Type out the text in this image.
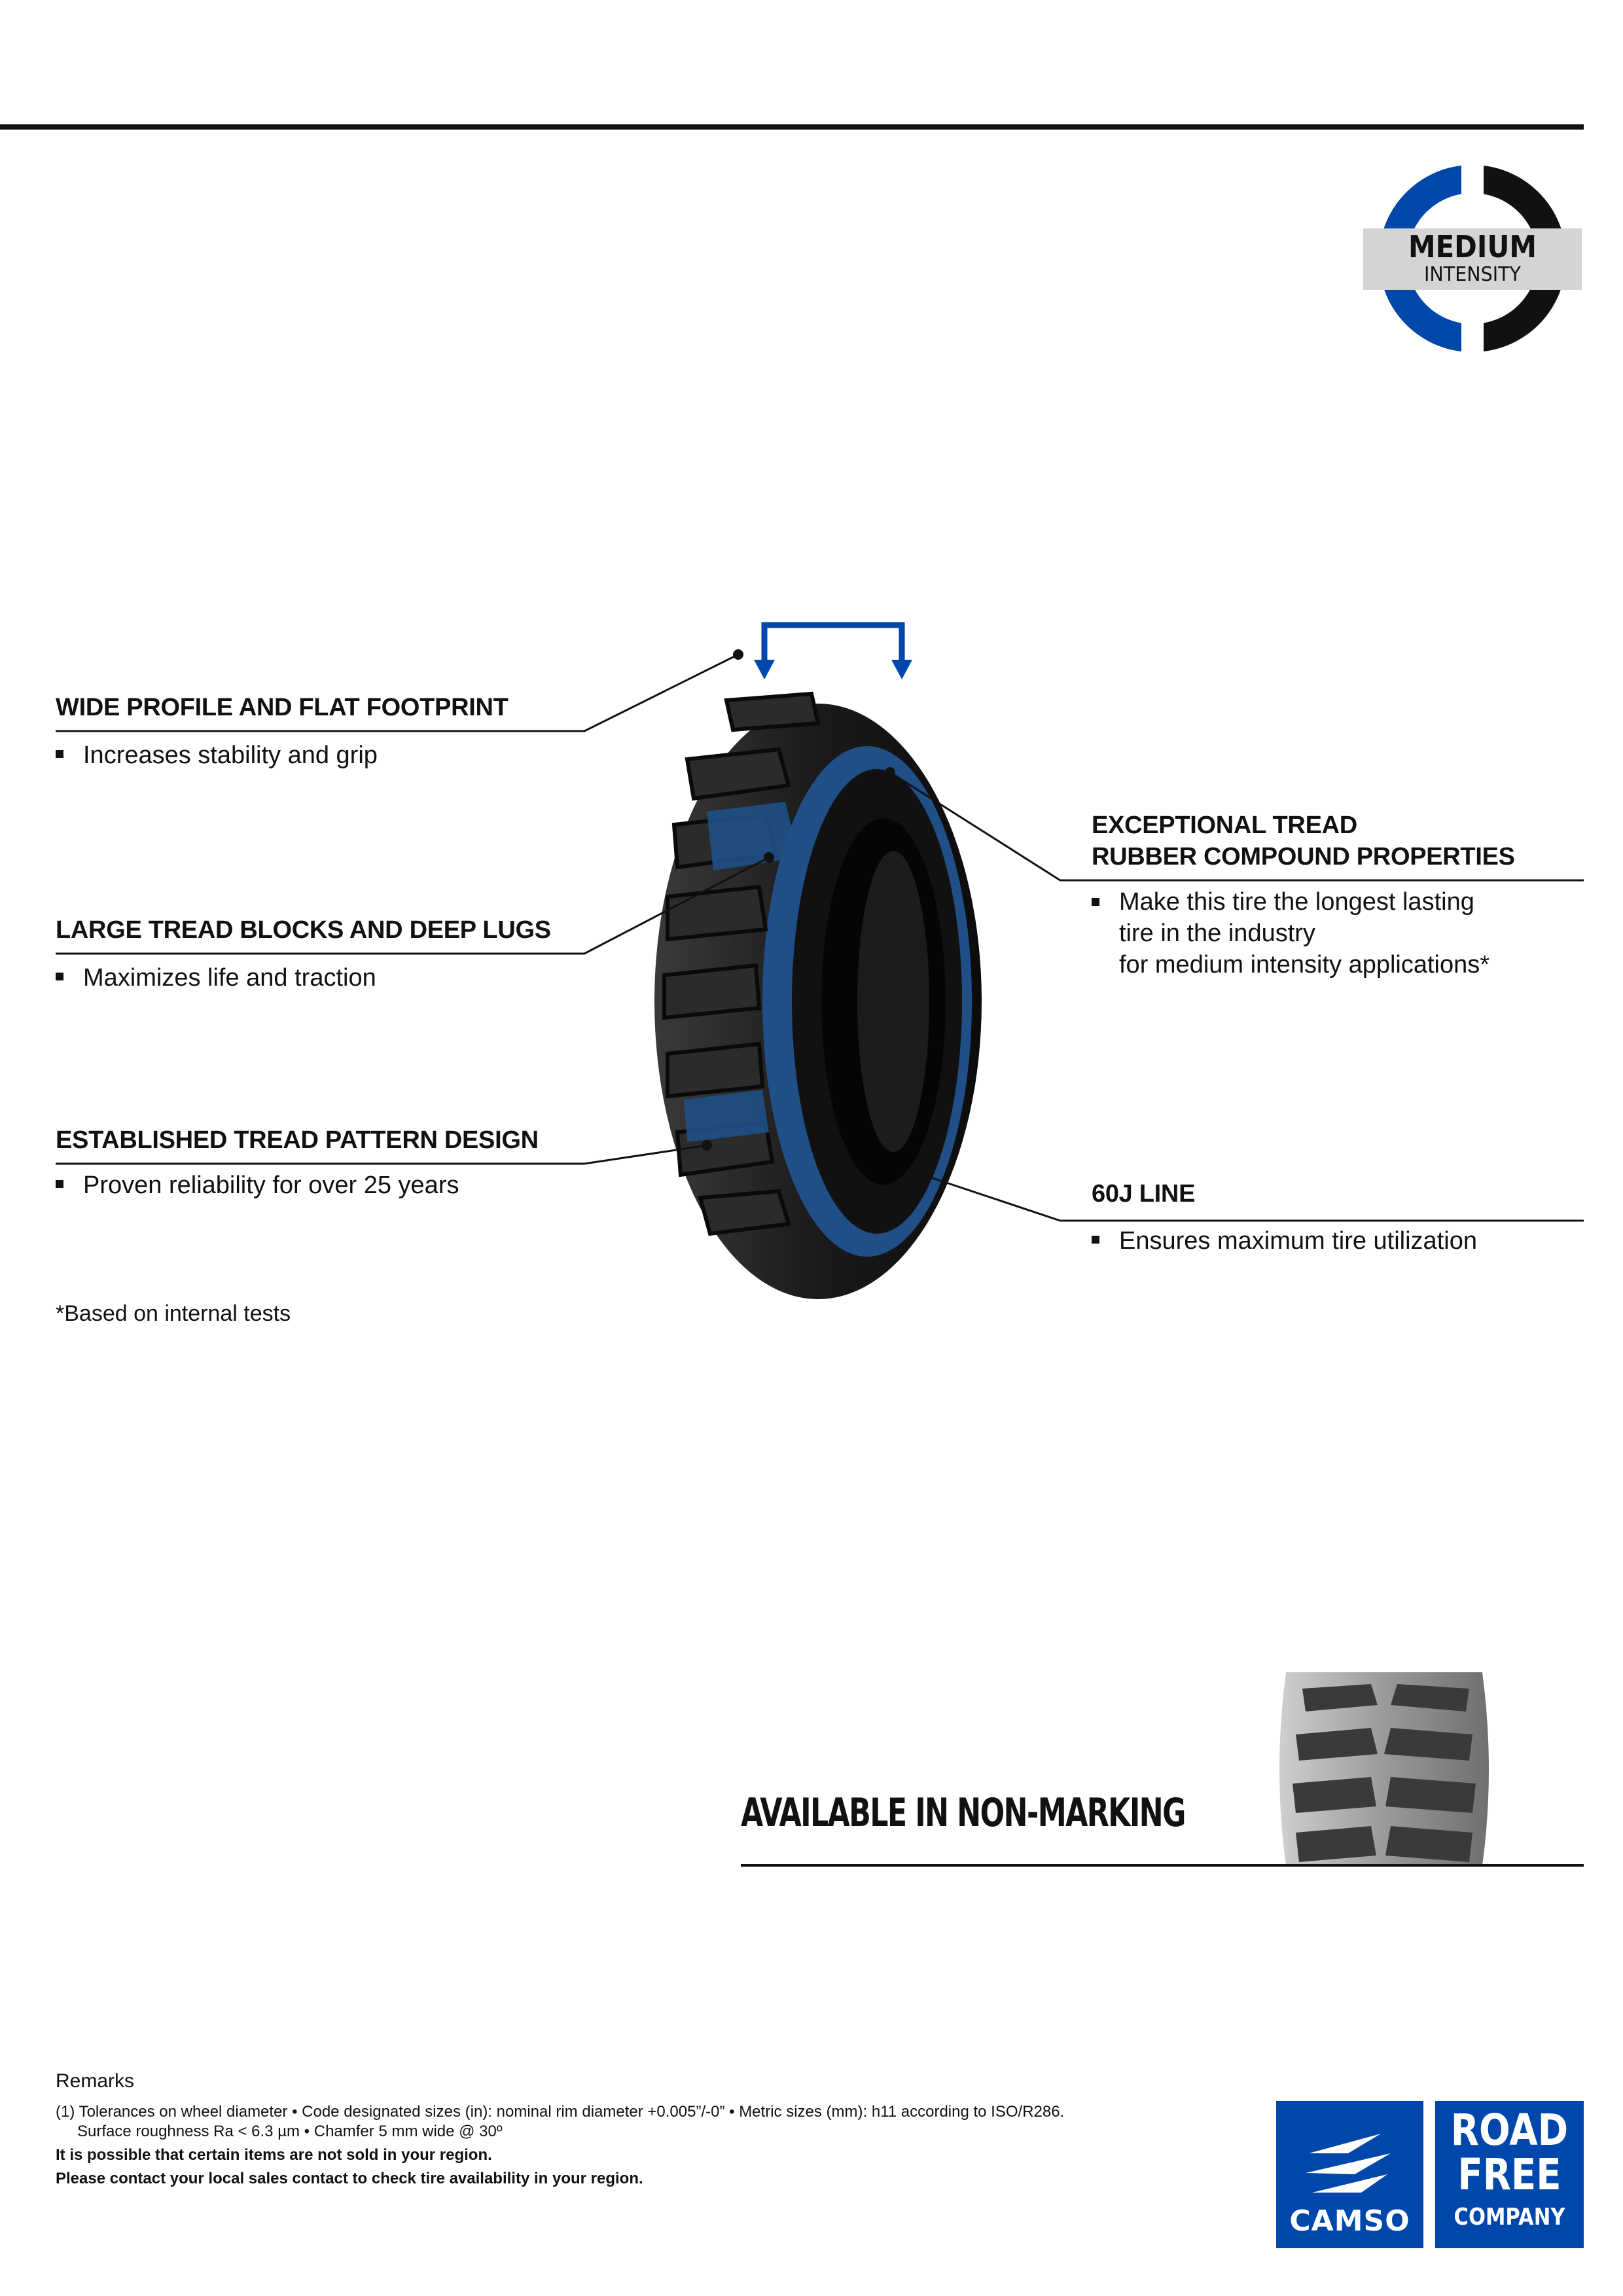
MEDIUM
INTENSITY
WIDE PROFILE AND FLAT FOOTPRINT
Increases stability and grip
LARGE TREAD BLOCKS AND DEEP LUGS
Maximizes life and traction
ESTABLISHED TREAD PATTERN DESIGN
Proven reliability for over 25 years
EXCEPTIONAL TREAD
RUBBER COMPOUND PROPERTIES
Make this tire the longest lasting
tire in the industry
for medium intensity applications*
60J LINE
Ensures maximum tire utilization
*Based on internal tests
AVAILABLE IN NON-MARKING
Remarks
(1) Tolerances on wheel diameter • Code designated sizes (in): nominal rim diameter +0.005”/-0” • Metric sizes (mm): h11 according to ISO/R286.
Surface roughness Ra < 6.3 µm • Chamfer 5 mm wide @ 30º
It is possible that certain items are not sold in your region.
Please contact your local sales contact to check tire availability in your region.
CAMSO
ROAD
FREE
COMPANY
